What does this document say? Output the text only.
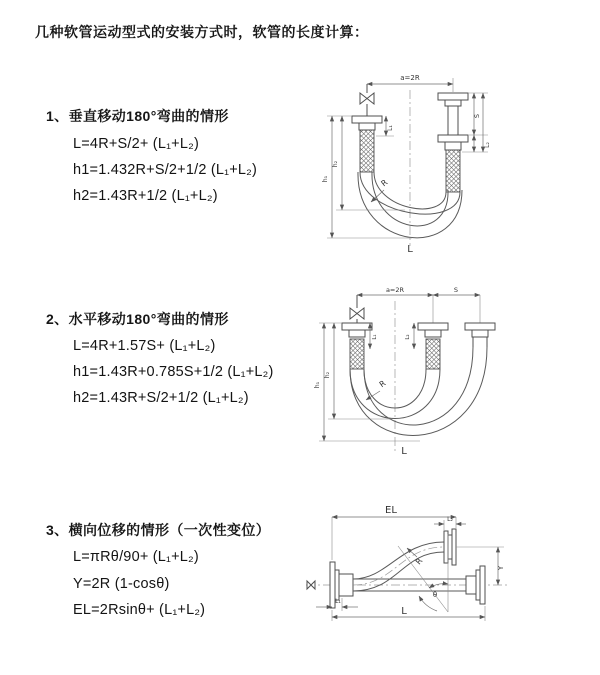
几种软管运动型式的安装方式时，软管的长度计算：
1、垂直移动180°弯曲的情形
L=4R+S/2+ (L₁+L₂)
h1=1.432R+S/2+1/2 (L₁+L₂)
h2=1.43R+1/2 (L₁+L₂)
2、水平移动180°弯曲的情形
L=4R+1.57S+ (L₁+L₂)
h1=1.43R+0.785S+1/2 (L₁+L₂)
h2=1.43R+S/2+1/2 (L₁+L₂)
3、横向位移的情形（一次性变位）
L=πRθ/90+ (L₁+L₂)
Y=2R (1-cosθ)
EL=2Rsinθ+ (L₁+L₂)
a=2R
L₁
S
L₂
h₁
h₂
R
L
a=2R	S
L₁	L₂
h₁
h₂
R
L
θ
R
EL
L₂
Y
L₁
L
